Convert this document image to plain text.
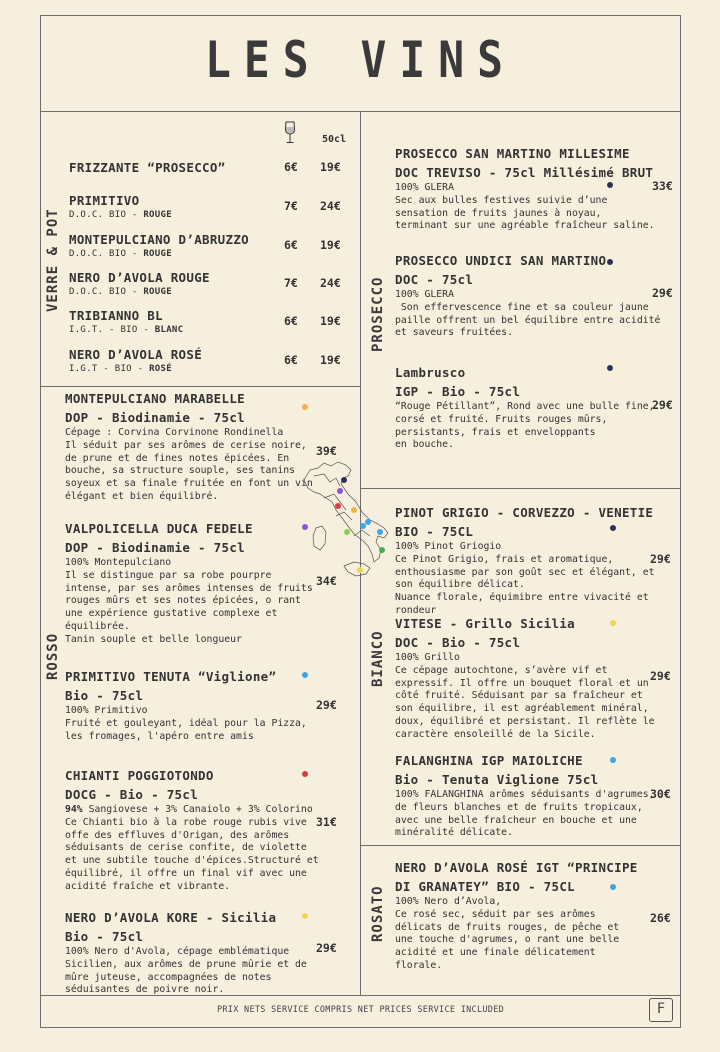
LES VINS
VERRE & POT
ROSSO
PROSECCO
BIANCO
ROSATO
50cl
FRIZZANTE “PROSECCO”	6€ 19€
PRIMITIVO
D.O.C. BIO - ROUGE
7€ 24€
MONTEPULCIANO D’ABRUZZO
D.O.C. BIO - ROUGE
6€ 19€
NERO D’AVOLA ROUGE
D.O.C. BIO - ROUGE
7€ 24€
TRIBIANNO BL
I.G.T. - BIO - BLANC
6€ 19€
NERO D’AVOLA ROSÉ
I.G.T - BIO - ROSÉ
6€ 19€
MONTEPULCIANO MARABELLE
DOP - Biodinamie - 75cl
Cépage : Corvina Corvinone Rondinella
Il séduit par ses arômes de cerise noire,
de prune et de fines notes épicées. En
bouche, sa structure souple, ses tanins
soyeux et sa finale fruitée en font un vin
élégant et bien équilibré.
39€
VALPOLICELLA DUCA FEDELE
DOP - Biodinamie - 75cl
100% Montepulciano
Il se distingue par sa robe pourpre
intense, par ses arômes intenses de fruits
rouges mûrs et ses notes épicées, o rant
une expérience gustative complexe et
équilibrée.
Tanin souple et belle longueur
34€
PRIMITIVO TENUTA “Viglione”
Bio - 75cl
100% Primitivo
Fruité et gouleyant, idéal pour la Pizza,
les fromages, l'apéro entre amis
29€
CHIANTI POGGIOTONDO
DOCG - Bio - 75cl
94% Sangiovese + 3% Canaiolo + 3% Colorino
Ce Chianti bio à la robe rouge rubis vive
offe des effluves d'Origan, des arômes
séduisants de cerise confite, de violette
et une subtile touche d'épices.Structuré et
équilibré, il offre un final vif avec une
acidité fraîche et vibrante.
31€
NERO D’AVOLA KORE - Sicilia
Bio - 75cl
100% Nero d'Avola, cépage emblématique
Sicilien, aux arômes de prune mûrie et de
mûre juteuse, accompagnées de notes
séduisantes de poivre noir.
29€
PROSECCO SAN MARTINO MILLESIME
DOC TREVISO - 75cl Millésimé BRUT
100% GLERA
Sec aux bulles festives suivie d’une
sensation de fruits jaunes à noyau,
terminant sur une agréable fraîcheur saline.
33€
PROSECCO UNDICI SAN MARTINO
DOC - 75cl
100% GLERA
Son effervescence fine et sa couleur jaune
paille offrent un bel équilibre entre acidité
et saveurs fruitées.
29€
Lambrusco
IGP - Bio - 75cl
“Rouge Pétillant”, Rond avec une bulle fine,
corsé et fruité. Fruits rouges mûrs,
persistants, frais et enveloppants
en bouche.
29€
PINOT GRIGIO - CORVEZZO - VENETIE
BIO - 75CL
100% Pinot Griogio
Ce Pinot Grigio, frais et aromatique,
enthousiasme par son goût sec et élégant, et
son équilibre délicat.
Nuance florale, équimibre entre vivacité et
rondeur
29€
VITESE - Grillo Sicilia
DOC - Bio - 75cl
100% Grillo
Ce cépage autochtone, s’avère vif et
expressif. Il offre un bouquet floral et un
côté fruité. Séduisant par sa fraîcheur et
son équilibre, il est agréablement minéral,
doux, équilibré et persistant. Il reflète le
caractère ensoleillé de la Sicile.
29€
FALANGHINA IGP MAIOLICHE
Bio - Tenuta Viglione 75cl
100% FALANGHINA arômes séduisants d'agrumes,
de fleurs blanches et de fruits tropicaux,
avec une belle fraîcheur en bouche et une
minéralité délicate.
30€
NERO D’AVOLA ROSÉ IGT “PRINCIPE
DI GRANATEY” BIO - 75CL
100% Nero d’Avola,
Ce rosé sec, séduit par ses arômes
délicats de fruits rouges, de pêche et
une touche d'agrumes, o rant une belle
acidité et une finale délicatement
florale.
26€
PRIX NETS SERVICE COMPRIS NET PRICES SERVICE INCLUDED	F
